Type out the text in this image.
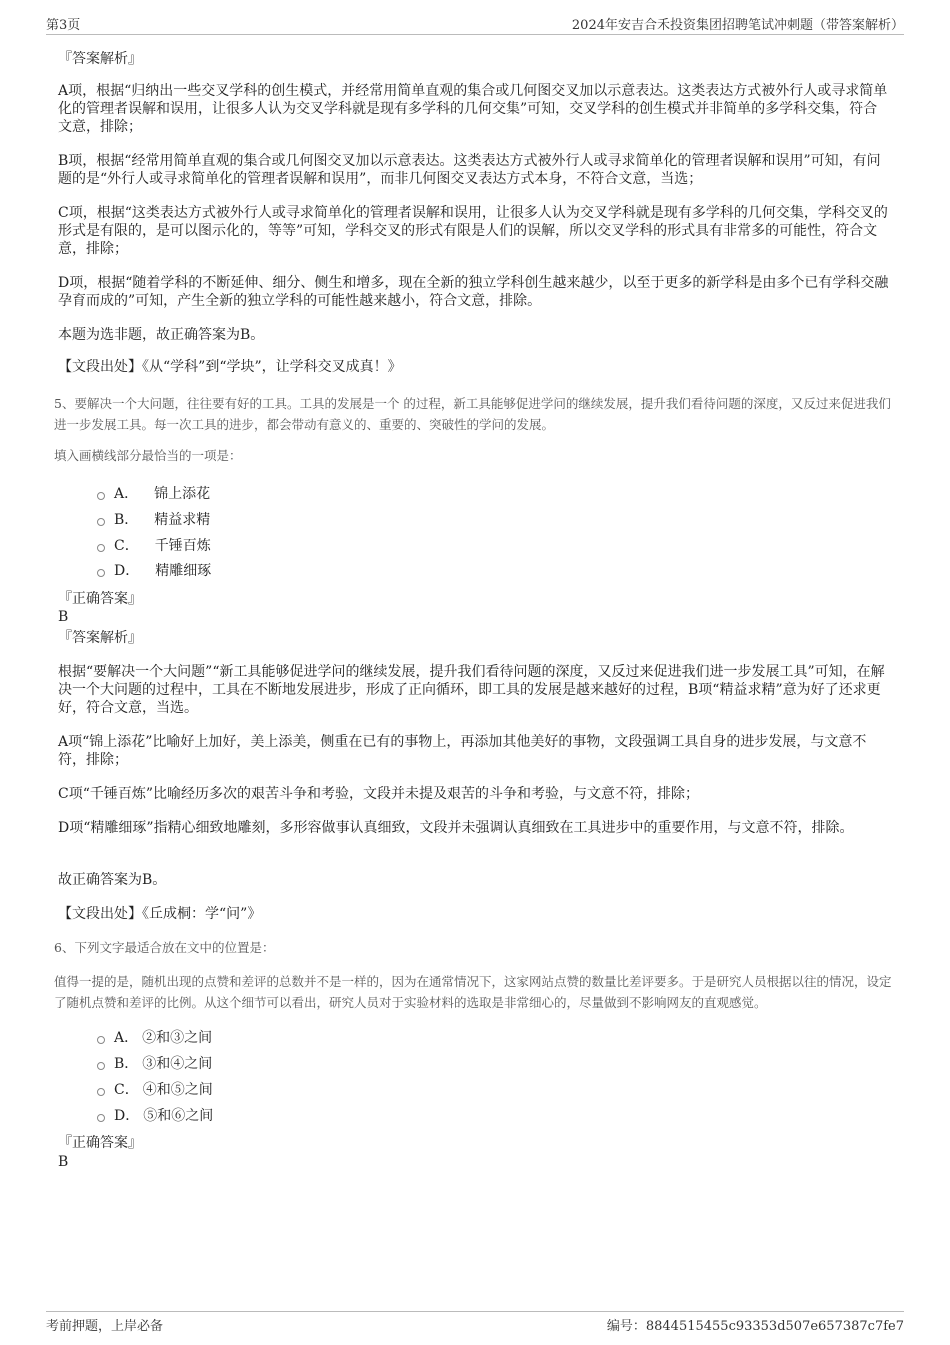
第3页	2024年安吉合禾投资集团招聘笔试冲刺题（带答案解析）
『答案解析』
A项，根据“归纳出一些交叉学科的创生模式，并经常用简单直观的集合或几何图交叉加以示意表达。这类表达方式被外行人或寻求简单化的管理者误解和误用，让很多人认为交叉学科就是现有多学科的几何交集”可知，交叉学科的创生模式并非简单的多学科交集，符合文意，排除；
B项，根据“经常用简单直观的集合或几何图交叉加以示意表达。这类表达方式被外行人或寻求简单化的管理者误解和误用”可知，有问题的是“外行人或寻求简单化的管理者误解和误用”，而非几何图交叉表达方式本身，不符合文意，当选；
C项，根据“这类表达方式被外行人或寻求简单化的管理者误解和误用，让很多人认为交叉学科就是现有多学科的几何交集，学科交叉的形式是有限的，是可以图示化的，等等”可知，学科交叉的形式有限是人们的误解，所以交叉学科的形式具有非常多的可能性，符合文意，排除；
D项，根据“随着学科的不断延伸、细分、侧生和增多，现在全新的独立学科创生越来越少，以至于更多的新学科是由多个已有学科交融孕育而成的”可知，产生全新的独立学科的可能性越来越小，符合文意，排除。
本题为选非题，故正确答案为B。
【文段出处】《从“学科”到“学块”，让学科交叉成真！》
5、要解决一个大问题，往往要有好的工具。工具的发展是一个 的过程，新工具能够促进学问的继续发展，提升我们看待问题的深度，又反过来促进我们进一步发展工具。每一次工具的进步，都会带动有意义的、重要的、突破性的学问的发展。
填入画横线部分最恰当的一项是：
A． 锦上添花
B． 精益求精
C． 千锤百炼
D． 精雕细琢
『正确答案』
B
『答案解析』
根据“要解决一个大问题”“新工具能够促进学问的继续发展，提升我们看待问题的深度，又反过来促进我们进一步发展工具”可知，在解决一个大问题的过程中，工具在不断地发展进步，形成了正向循环，即工具的发展是越来越好的过程，B项“精益求精”意为好了还求更好，符合文意，当选。
A项“锦上添花”比喻好上加好，美上添美，侧重在已有的事物上，再添加其他美好的事物，文段强调工具自身的进步发展，与文意不符，排除；
C项“千锤百炼”比喻经历多次的艰苦斗争和考验，文段并未提及艰苦的斗争和考验，与文意不符，排除；
D项“精雕细琢”指精心细致地雕刻，多形容做事认真细致，文段并未强调认真细致在工具进步中的重要作用，与文意不符，排除。
故正确答案为B。
【文段出处】《丘成桐：学“问”》
6、下列文字最适合放在文中的位置是：
值得一提的是，随机出现的点赞和差评的总数并不是一样的，因为在通常情况下，这家网站点赞的数量比差评要多。于是研究人员根据以往的情况，设定了随机点赞和差评的比例。从这个细节可以看出，研究人员对于实验材料的选取是非常细心的，尽量做到不影响网友的直观感觉。
A． ②和③之间
B． ③和④之间
C． ④和⑤之间
D． ⑤和⑥之间
『正确答案』
B
考前押题，上岸必备	编号：8844515455c93353d507e657387c7fe7
